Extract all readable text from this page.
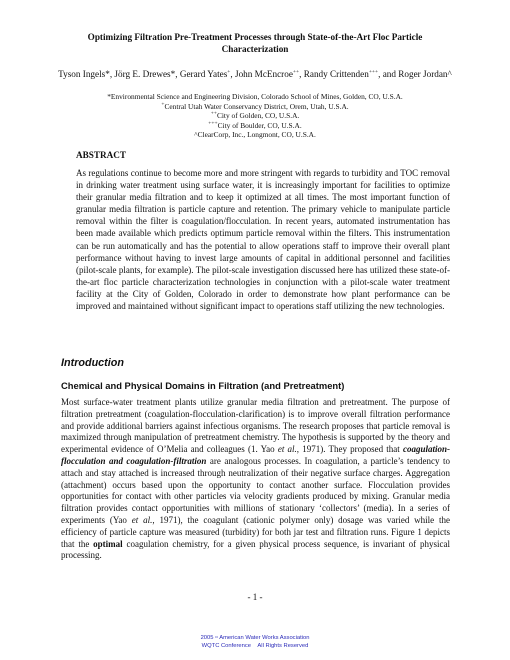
Optimizing Filtration Pre-Treatment Processes through State-of-the-Art Floc Particle Characterization
Tyson Ingels*, Jörg E. Drewes*, Gerard Yates+, John McEncroe++, Randy Crittenden+++, and Roger Jordan^
*Environmental Science and Engineering Division, Colorado School of Mines, Golden, CO, U.S.A.
+Central Utah Water Conservancy District, Orem, Utah, U.S.A.
++City of Golden, CO, U.S.A.
+++City of Boulder, CO, U.S.A.
^ClearCorp, Inc., Longmont, CO, U.S.A.
ABSTRACT
As regulations continue to become more and more stringent with regards to turbidity and TOC removal in drinking water treatment using surface water, it is increasingly important for facilities to optimize their granular media filtration and to keep it optimized at all times. The most important function of granular media filtration is particle capture and retention. The primary vehicle to manipulate particle removal within the filter is coagulation/flocculation. In recent years, automated instrumentation has been made available which predicts optimum particle removal within the filters. This instrumentation can be run automatically and has the potential to allow operations staff to improve their overall plant performance without having to invest large amounts of capital in additional personnel and facilities (pilot-scale plants, for example). The pilot-scale investigation discussed here has utilized these state-of-the-art floc particle characterization technologies in conjunction with a pilot-scale water treatment facility at the City of Golden, Colorado in order to demonstrate how plant performance can be improved and maintained without significant impact to operations staff utilizing the new technologies.
Introduction
Chemical and Physical Domains in Filtration (and Pretreatment)
Most surface-water treatment plants utilize granular media filtration and pretreatment. The purpose of filtration pretreatment (coagulation-flocculation-clarification) is to improve overall filtration performance and provide additional barriers against infectious organisms. The research proposes that particle removal is maximized through manipulation of pretreatment chemistry. The hypothesis is supported by the theory and experimental evidence of O’Melia and colleagues (1. Yao et al., 1971). They proposed that coagulation-flocculation and coagulation-filtration are analogous processes. In coagulation, a particle’s tendency to attach and stay attached is increased through neutralization of their negative surface charges. Aggregation (attachment) occurs based upon the opportunity to contact another surface. Flocculation provides opportunities for contact with other particles via velocity gradients produced by mixing. Granular media filtration provides contact opportunities with millions of stationary ‘collectors’ (media). In a series of experiments (Yao et al., 1971), the coagulant (cationic polymer only) dosage was varied while the efficiency of particle capture was measured (turbidity) for both jar test and filtration runs. Figure 1 depicts that the optimal coagulation chemistry, for a given physical process sequence, is invariant of physical processing.
- 1 -
2005 •• American Water Works Association
WQTC Conference All Rights Reserved
